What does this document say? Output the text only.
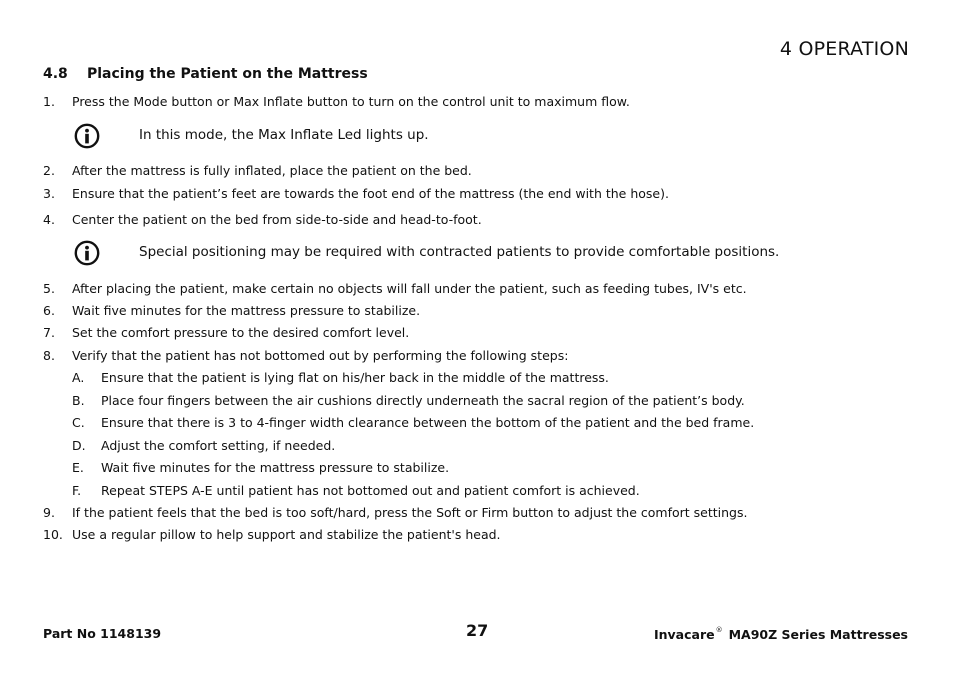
4 OPERATION
4.8 Placing the Patient on the Mattress
1. Press the Mode button or Max Inflate button to turn on the control unit to maximum flow.
In this mode, the Max Inflate Led lights up.
2. After the mattress is fully inflated, place the patient on the bed.
3. Ensure that the patient’s feet are towards the foot end of the mattress (the end with the hose).
4. Center the patient on the bed from side-to-side and head-to-foot.
Special positioning may be required with contracted patients to provide comfortable positions.
5. After placing the patient, make certain no objects will fall under the patient, such as feeding tubes, IV's etc.
6. Wait five minutes for the mattress pressure to stabilize.
7. Set the comfort pressure to the desired comfort level.
8. Verify that the patient has not bottomed out by performing the following steps:
A. Ensure that the patient is lying flat on his/her back in the middle of the mattress.
B. Place four fingers between the air cushions directly underneath the sacral region of the patient’s body.
C. Ensure that there is 3 to 4-finger width clearance between the bottom of the patient and the bed frame.
D. Adjust the comfort setting, if needed.
E. Wait five minutes for the mattress pressure to stabilize.
F. Repeat STEPS A-E until patient has not bottomed out and patient comfort is achieved.
9. If the patient feels that the bed is too soft/hard, press the Soft or Firm button to adjust the comfort settings.
10. Use a regular pillow to help support and stabilize the patient's head.
Part No 1148139	27	Invacare® MA90Z Series Mattresses
